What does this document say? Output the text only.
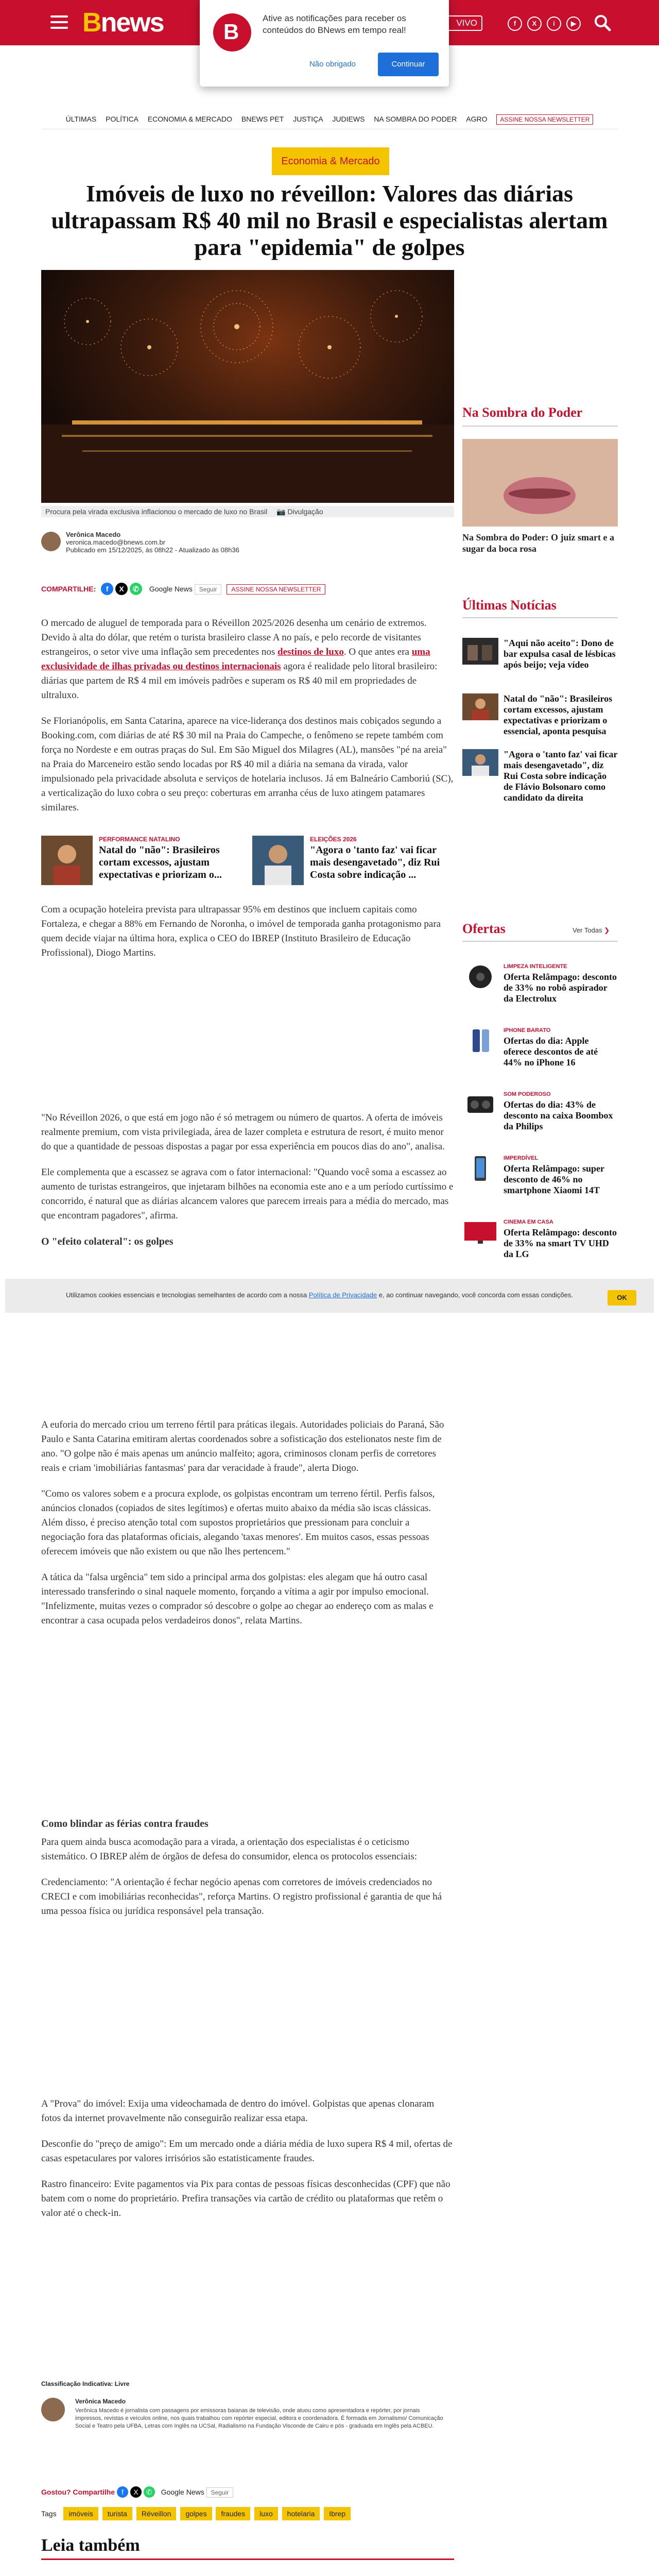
Bnews	VIVO	f	X	i	▶
B
Ative as notificações para receber os conteúdos do BNews em tempo real!
Não obrigado	Continuar
ÚLTIMAS POLÍTICA ECONOMIA & MERCADO BNEWS PET JUSTIÇA JUDIEWS NA SOMBRA DO PODER AGRO ASSINE NOSSA NEWSLETTER
Economia & Mercado
Imóveis de luxo no réveillon: Valores das diárias ultrapassam R$ 40 mil no Brasil e especialistas alertam para "epidemia" de golpes
Procura pela virada exclusiva inflacionou o mercado de luxo no Brasil 📷 Divulgação
Verônica Macedo
veronica.macedo@bnews.com.br
Publicado em 15/12/2025, às 08h22 - Atualizado às 08h36
COMPARTILHE: f X ✆ Google News Seguir ASSINE NOSSA NEWSLETTER

O mercado de aluguel de temporada para o Réveillon 2025/2026 desenha um cenário de extremos. Devido à alta do dólar, que retém o turista brasileiro classe A no país, e pelo recorde de visitantes estrangeiros, o setor vive uma inflação sem precedentes nos destinos de luxo. O que antes era uma exclusividade de ilhas privadas ou destinos internacionais agora é realidade pelo litoral brasileiro: diárias que partem de R$ 4 mil em imóveis padrões e superam os R$ 40 mil em propriedades de ultraluxo.

Se Florianópolis, em Santa Catarina, aparece na vice-liderança dos destinos mais cobiçados segundo a Booking.com, com diárias de até R$ 30 mil na Praia do Campeche, o fenômeno se repete também com força no Nordeste e em outras praças do Sul. Em São Miguel dos Milagres (AL), mansões "pé na areia" na Praia do Marceneiro estão sendo locadas por R$ 40 mil a diária na semana da virada, valor impulsionado pela privacidade absoluta e serviços de hotelaria inclusos. Já em Balneário Camboriú (SC), a verticalização do luxo cobra o seu preço: coberturas em arranha céus de luxo atingem patamares similares.

PERFORMANCE NATALINO
Natal do "não": Brasileiros cortam excessos, ajustam expectativas e priorizam o...
ELEIÇÕES 2026
"Agora o 'tanto faz' vai ficar mais desengavetado", diz Rui Costa sobre indicação ...

Com a ocupação hoteleira prevista para ultrapassar 95% em destinos que incluem capitais como Fortaleza, e chegar a 88% em Fernando de Noronha, o imóvel de temporada ganha protagonismo para quem decide viajar na última hora, explica o CEO do IBREP (Instituto Brasileiro de Educação Profissional), Diogo Martins.

"No Réveillon 2026, o que está em jogo não é só metragem ou número de quartos. A oferta de imóveis realmente premium, com vista privilegiada, área de lazer completa e estrutura de resort, é muito menor do que a quantidade de pessoas dispostas a pagar por essa experiência em poucos dias do ano", analisa.

Ele complementa que a escassez se agrava com o fator internacional: "Quando você soma a escassez ao aumento de turistas estrangeiros, que injetaram bilhões na economia este ano e a um período curtíssimo e concorrido, é natural que as diárias alcancem valores que parecem irreais para a média do mercado, mas que encontram pagadores", afirma.

O "efeito colateral": os golpes
Utilizamos cookies essenciais e tecnologias semelhantes de acordo com a nossa Política de Privacidade e, ao continuar navegando, você concorda com essas condições.	OK

A euforia do mercado criou um terreno fértil para práticas ilegais. Autoridades policiais do Paraná, São Paulo e Santa Catarina emitiram alertas coordenados sobre a sofisticação dos estelionatos neste fim de ano. "O golpe não é mais apenas um anúncio malfeito; agora, criminosos clonam perfis de corretores reais e criam 'imobiliárias fantasmas' para dar veracidade à fraude", alerta Diogo.

"Como os valores sobem e a procura explode, os golpistas encontram um terreno fértil. Perfis falsos, anúncios clonados (copiados de sites legítimos) e ofertas muito abaixo da média são iscas clássicas. Além disso, é preciso atenção total com supostos proprietários que pressionam para concluir a negociação fora das plataformas oficiais, alegando 'taxas menores'. Em muitos casos, essas pessoas oferecem imóveis que não existem ou que não lhes pertencem."

A tática da "falsa urgência" tem sido a principal arma dos golpistas: eles alegam que há outro casal interessado transferindo o sinal naquele momento, forçando a vítima a agir por impulso emocional. "Infelizmente, muitas vezes o comprador só descobre o golpe ao chegar ao endereço com as malas e encontrar a casa ocupada pelos verdadeiros donos", relata Martins.

Como blindar as férias contra fraudes

Para quem ainda busca acomodação para a virada, a orientação dos especialistas é o ceticismo sistemático. O IBREP além de órgãos de defesa do consumidor, elenca os protocolos essenciais:

Credenciamento: "A orientação é fechar negócio apenas com corretores de imóveis credenciados no CRECI e com imobiliárias reconhecidas", reforça Martins. O registro profissional é garantia de que há uma pessoa física ou jurídica responsável pela transação.

A "Prova" do imóvel: Exija uma videochamada de dentro do imóvel. Golpistas que apenas clonaram fotos da internet provavelmente não conseguirão realizar essa etapa.

Desconfie do "preço de amigo": Em um mercado onde a diária média de luxo supera R$ 4 mil, ofertas de casas espetaculares por valores irrisórios são estatisticamente fraudes.

Rastro financeiro: Evite pagamentos via Pix para contas de pessoas físicas desconhecidas (CPF) que não batem com o nome do proprietário. Prefira transações via cartão de crédito ou plataformas que retêm o valor até o check-in.

Classificação Indicativa: Livre
Verônica Macedo
Verônica Macedo é jornalista com passagens por emissoras baianas de televisão, onde atuou como apresentadora e repórter, por jornais impressos, revistas e veículos online, nos quais trabalhou com repórter especial, editora e coordenadora. É formada em Jornalismo/ Comunicação Social e Teatro pela UFBA, Letras com Inglês na UCSal, Radialismo na Fundação Visconde de Cairu e pós - graduada em Inglês pela ACBEU.
Gostou? Compartilhe f X ✆ Google News Seguir
Tags imóveis turista Réveillon golpes fraudes luxo hotelaria Ibrep
Leia também
Na Sombra do Poder
Na Sombra do Poder: O juiz smart e a sugar da boca rosa
Últimas Notícias
"Aqui não aceito": Dono de bar expulsa casal de lésbicas após beijo; veja vídeo
Natal do "não": Brasileiros cortam excessos, ajustam expectativas e priorizam o essencial, aponta pesquisa
"Agora o 'tanto faz' vai ficar mais desengavetado", diz Rui Costa sobre indicação de Flávio Bolsonaro como candidato da direita
Ofertas	Ver Todas ❯
LIMPEZA INTELIGENTE
Oferta Relâmpago: desconto de 33% no robô aspirador da Electrolux
IPHONE BARATO
Ofertas do dia: Apple oferece descontos de até 44% no iPhone 16
SOM PODEROSO
Ofertas do dia: 43% de desconto na caixa Boombox da Philips
IMPERDÍVEL
Oferta Relâmpago: super desconto de 46% no smartphone Xiaomi 14T
CINEMA EM CASA
Oferta Relâmpago: desconto de 33% na smart TV UHD da LG
